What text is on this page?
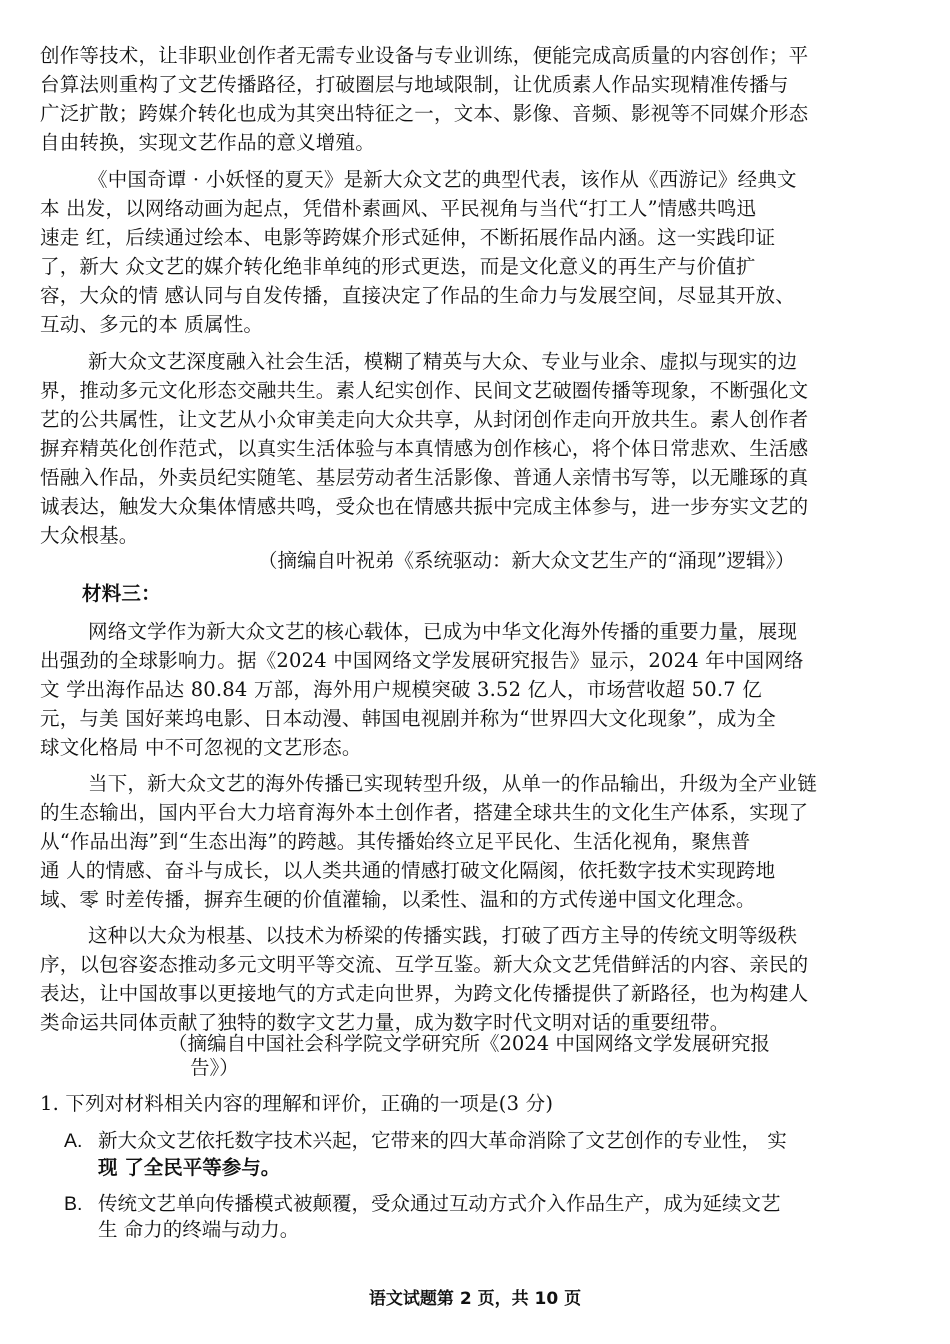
创作等技术，让非职业创作者无需专业设备与专业训练，便能完成高质量的内容创作；平
台算法则重构了文艺传播路径，打破圈层与地域限制，让优质素人作品实现精准传播与
广泛扩散；跨媒介转化也成为其突出特征之一，文本、影像、音频、影视等不同媒介形态
自由转换，实现文艺作品的意义增殖。
《中国奇谭 · 小妖怪的夏天》是新大众文艺的典型代表，该作从《西游记》经典文
本 出发，以网络动画为起点，凭借朴素画风、平民视角与当代“打工人”情感共鸣迅
速走 红，后续通过绘本、电影等跨媒介形式延伸，不断拓展作品内涵。这一实践印证
了，新大 众文艺的媒介转化绝非单纯的形式更迭，而是文化意义的再生产与价值扩
容，大众的情 感认同与自发传播，直接决定了作品的生命力与发展空间，尽显其开放、
互动、多元的本 质属性。
新大众文艺深度融入社会生活，模糊了精英与大众、专业与业余、虚拟与现实的边
界，推动多元文化形态交融共生。素人纪实创作、民间文艺破圈传播等现象，不断强化文
艺的公共属性，让文艺从小众审美走向大众共享，从封闭创作走向开放共生。素人创作者
摒弃精英化创作范式，以真实生活体验与本真情感为创作核心，将个体日常悲欢、生活感
悟融入作品，外卖员纪实随笔、基层劳动者生活影像、普通人亲情书写等，以无雕琢的真
诚表达，触发大众集体情感共鸣，受众也在情感共振中完成主体参与，进一步夯实文艺的
大众根基。
（摘编自叶祝弟《系统驱动：新大众文艺生产的“涌现”逻辑》）
材料三：
网络文学作为新大众文艺的核心载体，已成为中华文化海外传播的重要力量，展现
出强劲的全球影响力。据《2024 中国网络文学发展研究报告》显示，2024 年中国网络
文 学出海作品达 80.84 万部，海外用户规模突破 3.52 亿人，市场营收超 50.7 亿
元，与美 国好莱坞电影、日本动漫、韩国电视剧并称为“世界四大文化现象”，成为全
球文化格局 中不可忽视的文艺形态。
当下，新大众文艺的海外传播已实现转型升级，从单一的作品输出，升级为全产业链
的生态输出，国内平台大力培育海外本土创作者，搭建全球共生的文化生产体系，实现了
从“作品出海”到“生态出海”的跨越。其传播始终立足平民化、生活化视角，聚焦普
通 人的情感、奋斗与成长，以人类共通的情感打破文化隔阂，依托数字技术实现跨地
域、零 时差传播，摒弃生硬的价值灌输，以柔性、温和的方式传递中国文化理念。
这种以大众为根基、以技术为桥梁的传播实践，打破了西方主导的传统文明等级秩
序，以包容姿态推动多元文明平等交流、互学互鉴。新大众文艺凭借鲜活的内容、亲民的
表达，让中国故事以更接地气的方式走向世界，为跨文化传播提供了新路径，也为构建人
类命运共同体贡献了独特的数字文艺力量，成为数字时代文明对话的重要纽带。
（摘编自中国社会科学院文学研究所《2024 中国网络文学发展研究报
告》）
1. 下列对材料相关内容的理解和评价，正确的一项是(3 分)
A. 新大众文艺依托数字技术兴起，它带来的四大革命消除了文艺创作的专业性， 实
现 了全民平等参与。
B. 传统文艺单向传播模式被颠覆，受众通过互动方式介入作品生产，成为延续文艺
生 命力的终端与动力。
语文试题第 2 页，共 10 页
